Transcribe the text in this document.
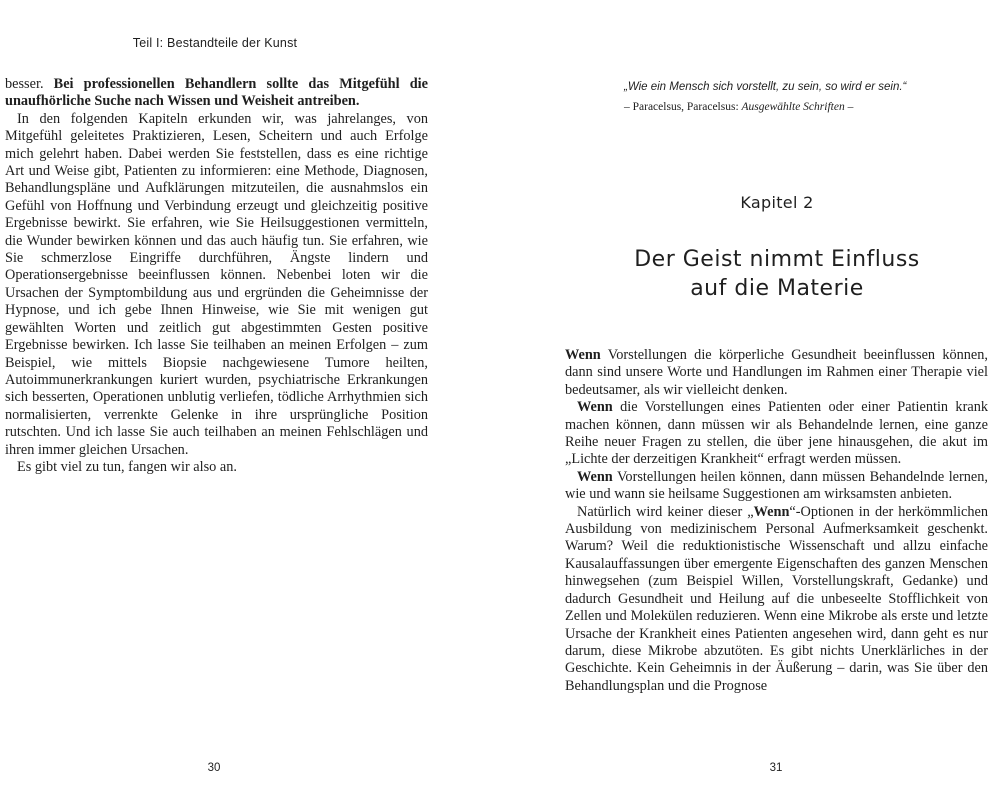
Teil I: Bestandteile der Kunst

besser. Bei professionellen Behandlern sollte das Mitgefühl die unaufhörliche Suche nach Wissen und Weisheit antreiben.

In den folgenden Kapiteln erkunden wir, was jahrelanges, von Mitgefühl geleitetes Praktizieren, Lesen, Scheitern und auch Erfolge mich gelehrt haben. Dabei werden Sie feststellen, dass es eine richtige Art und Weise gibt, Patienten zu informieren: eine Methode, Diagnosen, Behandlungspläne und Aufklärungen mitzuteilen, die ausnahmslos ein Gefühl von Hoffnung und Verbindung erzeugt und gleichzeitig positive Ergebnisse bewirkt. Sie erfahren, wie Sie Heilsuggestionen vermitteln, die Wunder bewirken können und das auch häufig tun. Sie erfahren, wie Sie schmerzlose Eingriffe durchführen, Ängste lindern und Operationsergebnisse beeinflussen können. Nebenbei loten wir die Ursachen der Symptombildung aus und ergründen die Geheimnisse der Hypnose, und ich gebe Ihnen Hinweise, wie Sie mit wenigen gut gewählten Worten und zeitlich gut abgestimmten Gesten positive Ergebnisse bewirken. Ich lasse Sie teilhaben an meinen Erfolgen – zum Beispiel, wie mittels Biopsie nachgewiesene Tumore heilten, Autoimmunerkrankungen kuriert wurden, psychiatrische Erkrankungen sich besserten, Operationen unblutig verliefen, tödliche Arrhythmien sich normalisierten, verrenkte Gelenke in ihre ursprüngliche Position rutschten. Und ich lasse Sie auch teilhaben an meinen Fehlschlägen und ihren immer gleichen Ursachen.

Es gibt viel zu tun, fangen wir also an.

30

„Wie ein Mensch sich vorstellt, zu sein, so wird er sein.“

– Paracelsus, Paracelsus: Ausgewählte Schriften –

Kapitel 2
Der Geist nimmt Einfluss
auf die Materie

Wenn Vorstellungen die körperliche Gesundheit beeinflussen können, dann sind unsere Worte und Handlungen im Rahmen einer Therapie viel bedeutsamer, als wir vielleicht denken.

Wenn die Vorstellungen eines Patienten oder einer Patientin krank machen können, dann müssen wir als Behandelnde lernen, eine ganze Reihe neuer Fragen zu stellen, die über jene hinausgehen, die akut im „Lichte der derzeitigen Krankheit“ erfragt werden müssen.

Wenn Vorstellungen heilen können, dann müssen Behandelnde lernen, wie und wann sie heilsame Suggestionen am wirksamsten anbieten.

Natürlich wird keiner dieser „Wenn“-Optionen in der herkömmlichen Ausbildung von medizinischem Personal Aufmerksamkeit geschenkt. Warum? Weil die reduktionistische Wissenschaft und allzu einfache Kausalauffassungen über emergente Eigenschaften des ganzen Menschen hinwegsehen (zum Beispiel Willen, Vorstellungskraft, Gedanke) und dadurch Gesundheit und Heilung auf die unbeseelte Stofflichkeit von Zellen und Molekülen reduzieren. Wenn eine Mikrobe als erste und letzte Ursache der Krankheit eines Patienten angesehen wird, dann geht es nur darum, diese Mikrobe abzutöten. Es gibt nichts Unerklärliches in der Geschichte. Kein Geheimnis in der Äußerung – darin, was Sie über den Behandlungsplan und die Prognose

31
